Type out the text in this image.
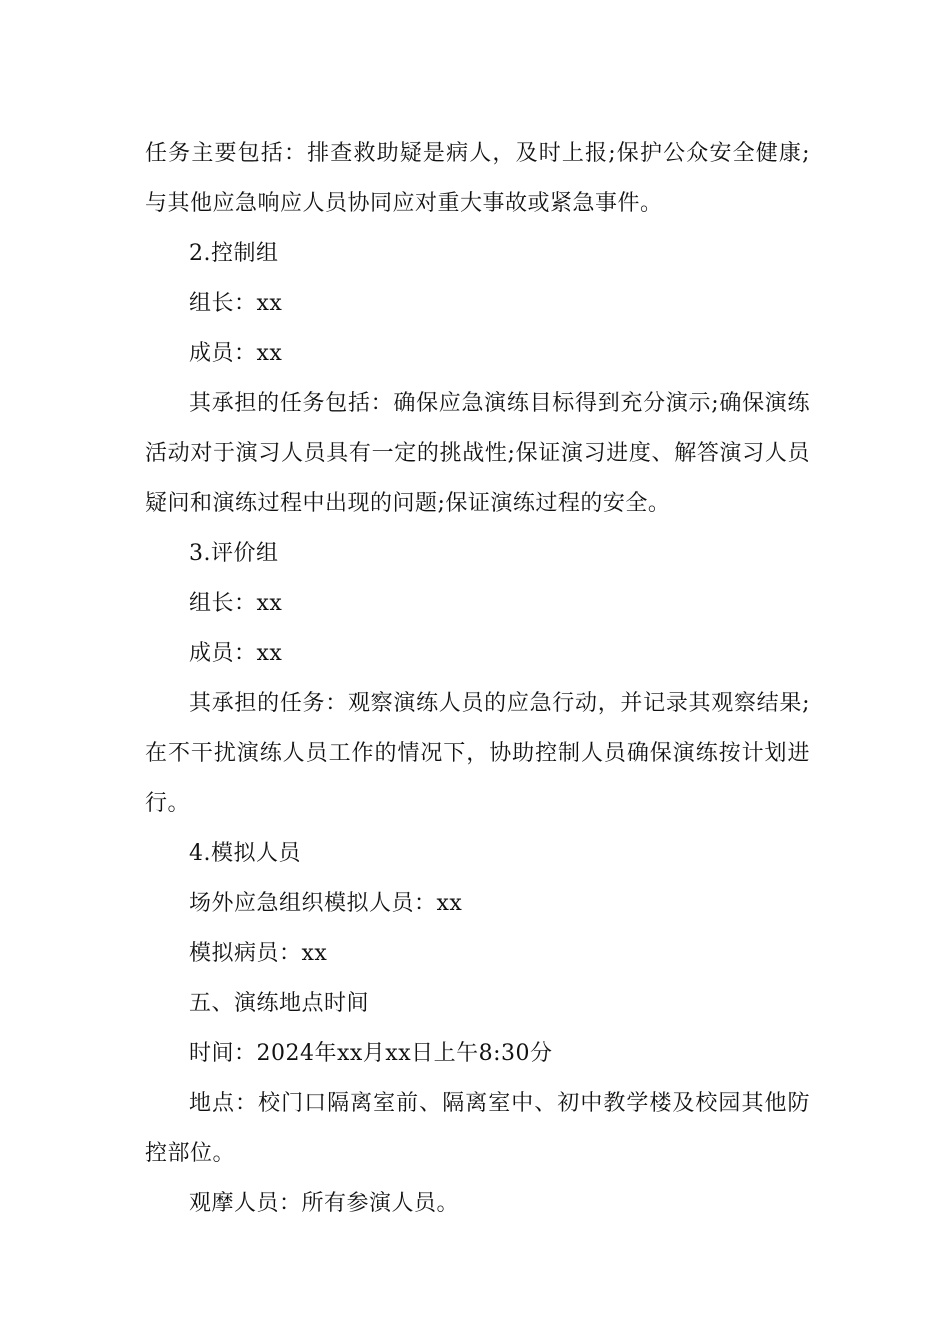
任务主要包括：排查救助疑是病人，及时上报;保护公众安全健康;与其他应急响应人员协同应对重大事故或紧急事件。

2.控制组

组长：xx

成员：xx

其承担的任务包括：确保应急演练目标得到充分演示;确保演练活动对于演习人员具有一定的挑战性;保证演习进度、解答演习人员疑问和演练过程中出现的问题;保证演练过程的安全。

3.评价组

组长：xx

成员：xx

其承担的任务：观察演练人员的应急行动，并记录其观察结果;在不干扰演练人员工作的情况下，协助控制人员确保演练按计划进行。

4.模拟人员

场外应急组织模拟人员：xx

模拟病员：xx

五、演练地点时间

时间：2024年xx月xx日上午8:30分

地点：校门口隔离室前、隔离室中、初中教学楼及校园其他防控部位。

观摩人员：所有参演人员。
